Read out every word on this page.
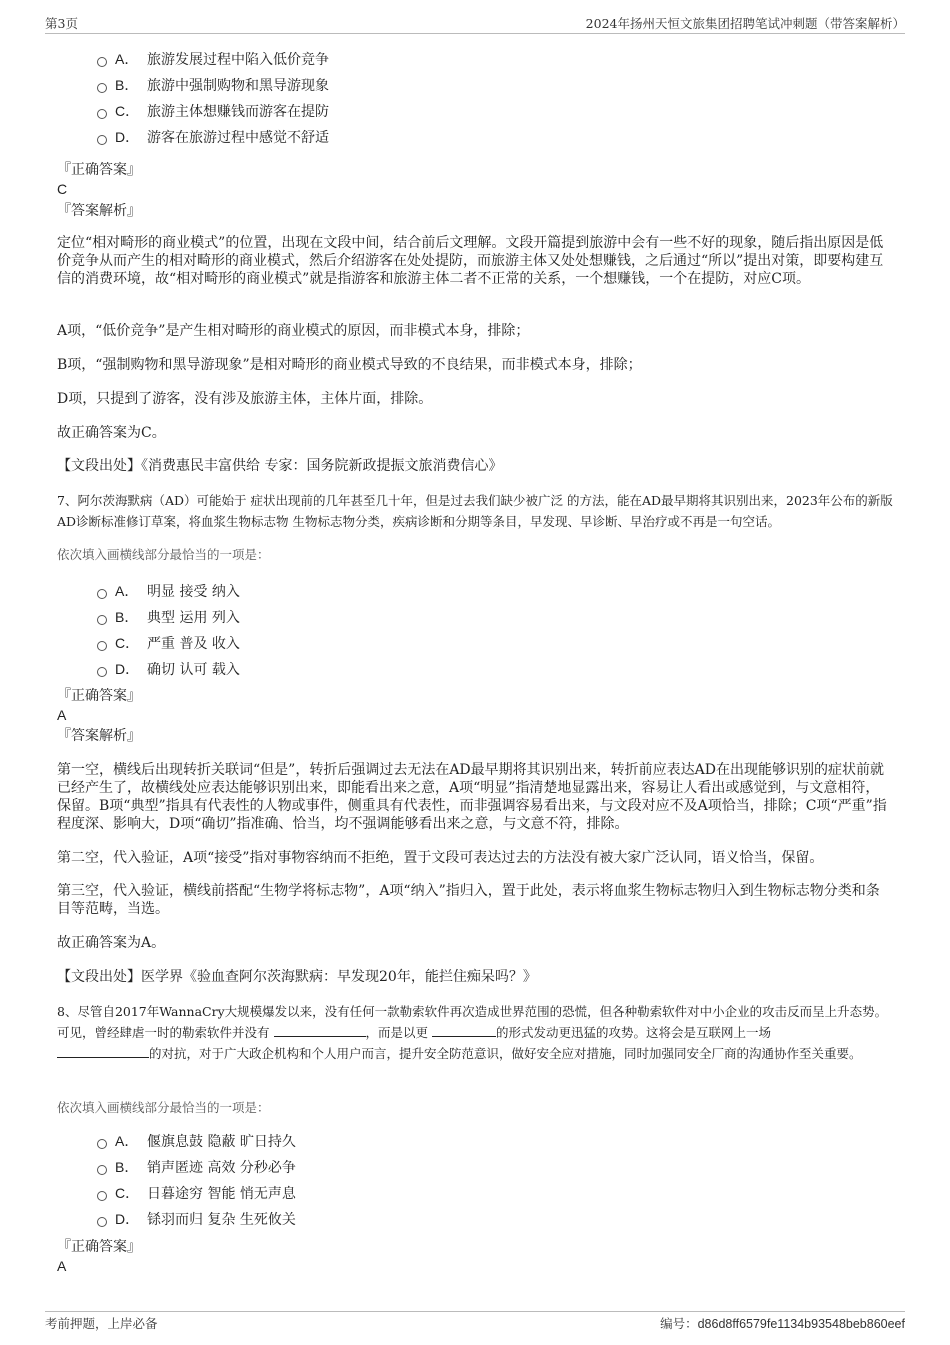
第3页	2024年扬州天恒文旅集团招聘笔试冲刺题（带答案解析）
A． 旅游发展过程中陷入低价竞争
B． 旅游中强制购物和黑导游现象
C． 旅游主体想赚钱而游客在提防
D． 游客在旅游过程中感觉不舒适
『正确答案』
C
『答案解析』
定位“相对畸形的商业模式”的位置，出现在文段中间，结合前后文理解。文段开篇提到旅游中会有一些不好的现象，随后指出原因是低价竞争从而产生的相对畸形的商业模式，然后介绍游客在处处提防，而旅游主体又处处想赚钱，之后通过“所以”提出对策，即要构建互信的消费环境，故“相对畸形的商业模式”就是指游客和旅游主体二者不正常的关系，一个想赚钱，一个在提防，对应C项。
A项，“低价竞争”是产生相对畸形的商业模式的原因，而非模式本身，排除；
B项，“强制购物和黑导游现象”是相对畸形的商业模式导致的不良结果，而非模式本身，排除；
D项，只提到了游客，没有涉及旅游主体，主体片面，排除。
故正确答案为C。
【文段出处】《消费惠民丰富供给 专家：国务院新政提振文旅消费信心》
7、阿尔茨海默病（AD）可能始于 症状出现前的几年甚至几十年，但是过去我们缺少被广泛 的方法，能在AD最早期将其识别出来，2023年公布的新版AD诊断标准修订草案，将血浆生物标志物 生物标志物分类，疾病诊断和分期等条目，早发现、早诊断、早治疗或不再是一句空话。
依次填入画横线部分最恰当的一项是：
A． 明显 接受 纳入
B． 典型 运用 列入
C． 严重 普及 收入
D． 确切 认可 载入
『正确答案』
A
『答案解析』
第一空，横线后出现转折关联词“但是”，转折后强调过去无法在AD最早期将其识别出来，转折前应表达AD在出现能够识别的症状前就已经产生了，故横线处应表达能够识别出来，即能看出来之意，A项“明显”指清楚地显露出来，容易让人看出或感觉到，与文意相符，保留。B项“典型”指具有代表性的人物或事件，侧重具有代表性，而非强调容易看出来，与文段对应不及A项恰当，排除；C项“严重”指程度深、影响大，D项“确切”指准确、恰当，均不强调能够看出来之意，与文意不符，排除。
第二空，代入验证，A项“接受”指对事物容纳而不拒绝，置于文段可表达过去的方法没有被大家广泛认同，语义恰当，保留。
第三空，代入验证，横线前搭配“生物学将标志物”，A项“纳入”指归入，置于此处，表示将血浆生物标志物归入到生物标志物分类和条目等范畴，当选。
故正确答案为A。
【文段出处】医学界《验血查阿尔茨海默病：早发现20年，能拦住痴呆吗？》
8、尽管自2017年WannaCry大规模爆发以来，没有任何一款勒索软件再次造成世界范围的恐慌，但各种勒索软件对中小企业的攻击反而呈上升态势。可见，曾经肆虐一时的勒索软件并没有	，而是以更	的形式发动更迅猛的攻势。这将会是互联网上一场
的对抗，对于广大政企机构和个人用户而言，提升安全防范意识，做好安全应对措施，同时加强同安全厂商的沟通协作至关重要。
依次填入画横线部分最恰当的一项是：
A． 偃旗息鼓 隐蔽 旷日持久
B． 销声匿迹 高效 分秒必争
C． 日暮途穷 智能 悄无声息
D． 铩羽而归 复杂 生死攸关
『正确答案』
A
考前押题，上岸必备	编号：d86d8ff6579fe1134b93548beb860eef
